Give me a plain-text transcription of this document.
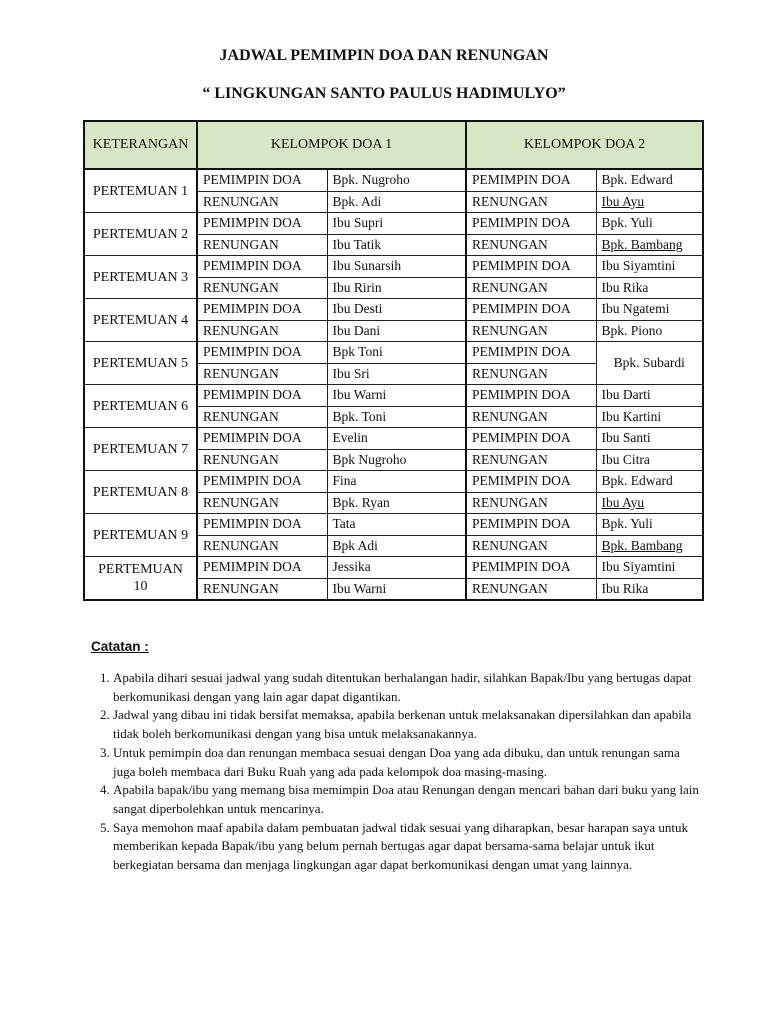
JADWAL PEMIMPIN DOA DAN RENUNGAN
“ LINGKUNGAN SANTO PAULUS HADIMULYO”
KETERANGAN	KELOMPOK DOA 1		KELOMPOK DOA 2	
PERTEMUAN 1	PEMIMPIN DOA	Bpk. Nugroho	PEMIMPIN DOA	Bpk. Edward
	RENUNGAN	Bpk. Adi	RENUNGAN	Ibu Ayu
PERTEMUAN 2	PEMIMPIN DOA	Ibu Supri	PEMIMPIN DOA	Bpk. Yuli
	RENUNGAN	Ibu Tatik	RENUNGAN	Bpk. Bambang
PERTEMUAN 3	PEMIMPIN DOA	Ibu Sunarsih	PEMIMPIN DOA	Ibu Siyamtini
	RENUNGAN	Ibu Ririn	RENUNGAN	Ibu Rika
PERTEMUAN 4	PEMIMPIN DOA	Ibu Desti	PEMIMPIN DOA	Ibu Ngatemi
	RENUNGAN	Ibu Dani	RENUNGAN	Bpk. Piono
PERTEMUAN 5	PEMIMPIN DOA	Bpk Toni	PEMIMPIN DOA	Bpk. Subardi
	RENUNGAN	Ibu Sri	RENUNGAN	
PERTEMUAN 6	PEMIMPIN DOA	Ibu Warni	PEMIMPIN DOA	Ibu Darti
	RENUNGAN	Bpk. Toni	RENUNGAN	Ibu Kartini
PERTEMUAN 7	PEMIMPIN DOA	Evelin	PEMIMPIN DOA	Ibu Santi
	RENUNGAN	Bpk Nugroho	RENUNGAN	Ibu Citra
PERTEMUAN 8	PEMIMPIN DOA	Fina	PEMIMPIN DOA	Bpk. Edward
	RENUNGAN	Bpk. Ryan	RENUNGAN	Ibu Ayu
PERTEMUAN 9	PEMIMPIN DOA	Tata	PEMIMPIN DOA	Bpk. Yuli
	RENUNGAN	Bpk Adi	RENUNGAN	Bpk. Bambang
PERTEMUAN 10	PEMIMPIN DOA	Jessika	PEMIMPIN DOA	Ibu Siyamtini
	RENUNGAN	Ibu Warni	RENUNGAN	Ibu Rika
Catatan :
1. Apabila dihari sesuai jadwal yang sudah ditentukan berhalangan hadir, silahkan Bapak/Ibu yang bertugas dapat berkomunikasi dengan yang lain agar dapat digantikan.
2. Jadwal yang dibau ini tidak bersifat memaksa, apabila berkenan untuk melaksanakan dipersilahkan dan apabila tidak boleh berkomunikasi dengan yang bisa untuk melaksanakannya.
3. Untuk pemimpin doa dan renungan membaca sesuai dengan Doa yang ada dibuku, dan untuk renungan sama juga boleh membaca dari Buku Ruah yang ada pada kelompok doa masing-masing.
4. Apabila bapak/ibu yang memang bisa memimpin Doa atau Renungan dengan mencari bahan dari buku yang lain sangat diperbolehkan untuk mencarinya.
5. Saya memohon maaf apabila dalam pembuatan jadwal tidak sesuai yang diharapkan, besar harapan saya untuk memberikan kepada Bapak/ibu yang belum pernah bertugas agar dapat bersama-sama belajar untuk ikut berkegiatan bersama dan menjaga lingkungan agar dapat berkomunikasi dengan umat yang lainnya.
